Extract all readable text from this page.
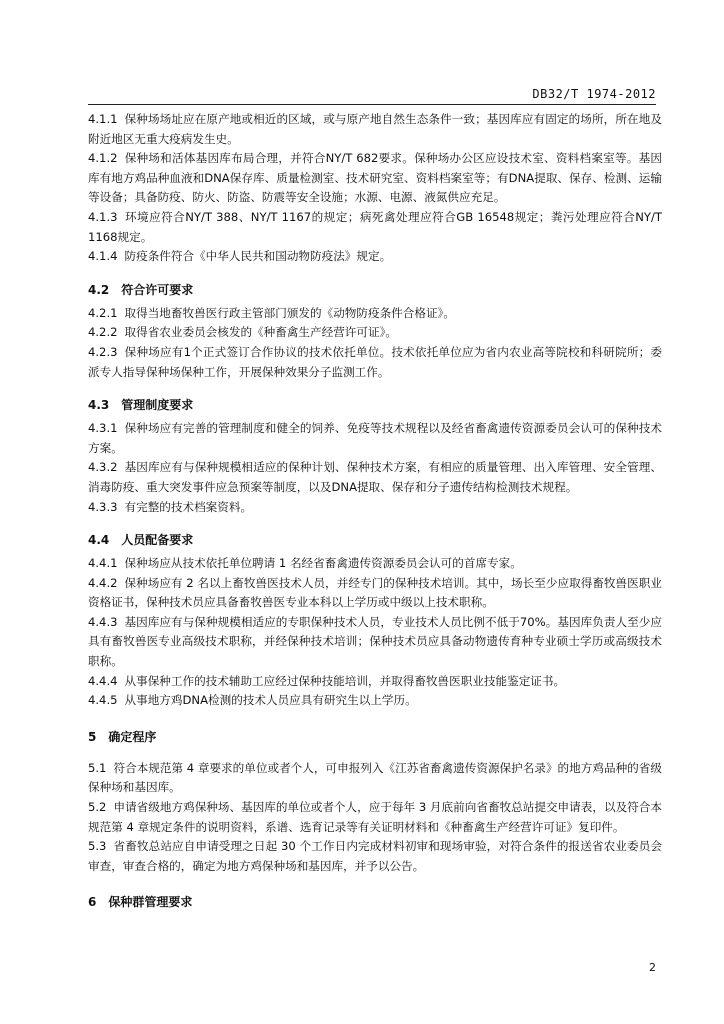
DB32/T 1974-2012

4.1.1 保种场场址应在原产地或相近的区域，或与原产地自然生态条件一致；基因库应有固定的场所，所在地及附近地区无重大疫病发生史。

4.1.2 保种场和活体基因库布局合理，并符合NY/T 682要求。保种场办公区应设技术室、资料档案室等。基因库有地方鸡品种血液和DNA保存库、质量检测室、技术研究室、资料档案室等；有DNA提取、保存、检测、运输等设备；具备防疫、防火、防盗、防震等安全设施；水源、电源、液氮供应充足。

4.1.3 环境应符合NY/T 388、NY/T 1167的规定；病死禽处理应符合GB 16548规定；粪污处理应符合NY/T 1168规定。

4.1.4 防疫条件符合《中华人民共和国动物防疫法》规定。

4.2 符合许可要求

4.2.1 取得当地畜牧兽医行政主管部门颁发的《动物防疫条件合格证》。

4.2.2 取得省农业委员会核发的《种畜禽生产经营许可证》。

4.2.3 保种场应有1个正式签订合作协议的技术依托单位。技术依托单位应为省内农业高等院校和科研院所；委派专人指导保种场保种工作，开展保种效果分子监测工作。

4.3 管理制度要求

4.3.1 保种场应有完善的管理制度和健全的饲养、免疫等技术规程以及经省畜禽遗传资源委员会认可的保种技术方案。

4.3.2 基因库应有与保种规模相适应的保种计划、保种技术方案，有相应的质量管理、出入库管理、安全管理、消毒防疫、重大突发事件应急预案等制度，以及DNA提取、保存和分子遗传结构检测技术规程。

4.3.3 有完整的技术档案资料。

4.4 人员配备要求

4.4.1 保种场应从技术依托单位聘请 1 名经省畜禽遗传资源委员会认可的首席专家。

4.4.2 保种场应有 2 名以上畜牧兽医技术人员，并经专门的保种技术培训。其中，场长至少应取得畜牧兽医职业资格证书，保种技术员应具备畜牧兽医专业本科以上学历或中级以上技术职称。

4.4.3 基因库应有与保种规模相适应的专职保种技术人员，专业技术人员比例不低于70%。基因库负责人至少应具有畜牧兽医专业高级技术职称，并经保种技术培训；保种技术员应具备动物遗传育种专业硕士学历或高级技术职称。

4.4.4 从事保种工作的技术辅助工应经过保种技能培训，并取得畜牧兽医职业技能鉴定证书。

4.4.5 从事地方鸡DNA检测的技术人员应具有研究生以上学历。

5 确定程序

5.1 符合本规范第 4 章要求的单位或者个人，可申报列入《江苏省畜禽遗传资源保护名录》的地方鸡品种的省级保种场和基因库。

5.2 申请省级地方鸡保种场、基因库的单位或者个人，应于每年 3 月底前向省畜牧总站提交申请表，以及符合本规范第 4 章规定条件的说明资料，系谱、选育记录等有关证明材料和《种畜禽生产经营许可证》复印件。

5.3 省畜牧总站应自申请受理之日起 30 个工作日内完成材料初审和现场审验，对符合条件的报送省农业委员会审查，审查合格的，确定为地方鸡保种场和基因库，并予以公告。

6 保种群管理要求

2
